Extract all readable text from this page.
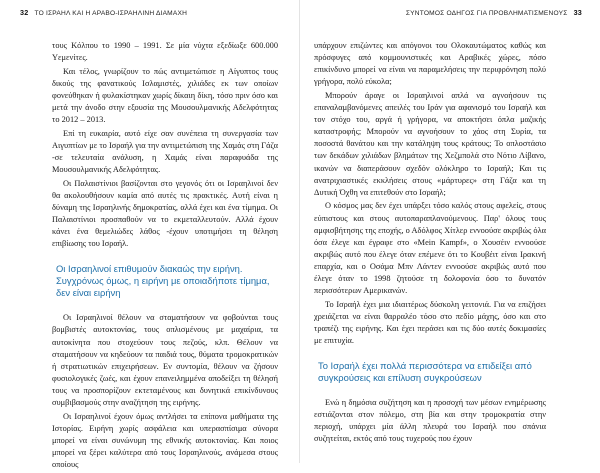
32 ΤΟ ΙΣΡΑΗΛ ΚΑΙ Η ΑΡΑΒΟ-ΙΣΡΑΗΛΙΝΗ ΔΙΑΜΑΧΗ

τους Κόλπου το 1990 – 1991. Σε μία νύχτα εξεδίωξε 600.000 Υεμενίτες.

Και τέλος, γνωρίζουν το πώς αντιμετώπισε η Αίγυπτος τους δικούς της φανατικούς Ισλαμιστές, χιλιάδες εκ των οποίων φονεύθηκαν ή φυλακίστηκαν χωρίς δίκαιη δίκη, τόσο πριν όσο και μετά την άνοδο στην εξουσία της Μουσουλμανικής Αδελφότητας το 2012 – 2013.

Επί τη ευκαιρία, αυτό είχε σαν συνέπεια τη συνεργασία των Αιγυπτίων με το Ισραήλ για την αντιμετώπιση της Χαμάς στη Γάζα -σε τελευταία ανάλυση, η Χαμάς είναι παραφυάδα της Μουσουλμανικής Αδελφότητας.

Οι Παλαιστίνιοι βασίζονται στο γεγονός ότι οι Ισραηλινοί δεν θα ακολουθήσουν καμία από αυτές τις πρακτικές. Αυτή είναι η δύναμη της Ισραηλινής δημοκρατίας, αλλά έχει και ένα τίμημα. Οι Παλαιστίνιοι προσπαθούν να το εκμεταλλευτούν. Αλλά έχουν κάνει ένα θεμελιώδες λάθος -έχουν υποτιμήσει τη θέληση επιβίωσης του Ισραήλ.

Οι Ισραηλινοί επιθυμούν διακαώς την ειρήνη. Συγχρόνως όμως, η ειρήνη με οποιαδήποτε τίμημα, δεν είναι ειρήνη

Οι Ισραηλινοί θέλουν να σταματήσουν να φοβούνται τους βομβιστές αυτοκτονίας, τους οπλισμένους με μαχαίρια, τα αυτοκίνητα που στοχεύουν τους πεζούς, κλπ. Θέλουν να σταματήσουν να κηδεύουν τα παιδιά τους, θύματα τρομοκρατικών ή στρατιωτικών επιχειρήσεων. Εν συντομία, θέλουν να ζήσουν φυσιολογικές ζωές, και έχουν επανειλημμένα αποδείξει τη θέλησή τους να προσπορίζουν εκτεταμένους και δυνητικά επικίνδυνους συμβιβασμούς στην αναζήτηση της ειρήνης.

Οι Ισραηλινοί έχουν όμως αντλήσει τα επίπονα μαθήματα της Ιστορίας. Ειρήνη χωρίς ασφάλεια και υπερασπίσιμα σύνορα μπορεί να είναι συνώνυμη της εθνικής αυτοκτονίας. Και ποιος μπορεί να ξέρει καλύτερα από τους Ισραηλινούς, ανάμεσα στους οποίους

ΣΥΝΤΟΜΟΣ ΟΔΗΓΟΣ ΓΙΑ ΠΡΟΒΛΗΜΑΤΙΣΜΕΝΟΥΣ 33

υπάρχουν επιζώντες και απόγονοι του Ολοκαυτώματος καθώς και πρόσφυγες από κομμουνιστικές και Αραβικές χώρες, πόσο επικίνδυνο μπορεί να είναι να παραμελήσεις την περιφρόνηση πολύ γρήγορα, πολύ εύκολα;

Μπορούν άραγε οι Ισραηλινοί απλά να αγνοήσουν τις επαναλαμβανόμενες απειλές του Ιράν για αφανισμό του Ισραήλ και τον στόχο του, αργά ή γρήγορα, να αποκτήσει όπλα μαζικής καταστροφής; Μπορούν να αγνοήσουν το χάος στη Συρία, τα ποσοστά θανάτου και την κατάληψη τους κράτους; Το οπλοστάσιο των δεκάδων χιλιάδων βλημάτων της Χεζμπολά στο Νότιο Λίβανο, ικανών να διαπεράσουν σχεδόν ολόκληρο το Ισραήλ; Και τις ανατριχιαστικές εκκλήσεις στους «μάρτυρες» στη Γάζα και τη Δυτική Όχθη να επιτεθούν στο Ισραήλ;

Ο κόσμος μας δεν έχει υπάρξει τόσο καλός στους αφελείς, στους εύπιστους και στους αυτοπαραπλανούμενους. Παρ' όλους τους αμφισβήτησης της εποχής, ο Αδόλφος Χίτλερ εννοούσε ακριβώς όλα όσα έλεγε και έγραφε στο «Mein Kampf», ο Χουσέιν εννοούσε ακριβώς αυτό που έλεγε όταν επέμενε ότι το Κουβέιτ είναι Ιρακινή επαρχία, και ο Οσάμα Μπν Λάντεν εννοούσε ακριβώς αυτό που έλεγε όταν το 1998 ζητούσε τη δολοφονία όσο το δυνατόν περισσότερων Αμερικανών.

Το Ισραήλ έχει μια ιδιαιτέρως δύσκολη γειτονιά. Για να επιζήσει χρειάζεται να είναι θαρραλέο τόσο στο πεδίο μάχης, όσο και στο τραπέζι της ειρήνης. Και έχει περάσει και τις δύο αυτές δοκιμασίες με επιτυχία.

Το Ισραήλ έχει πολλά περισσότερα να επιδείξει από συγκρούσεις και επίλυση συγκρούσεων

Ενώ η δημόσια συζήτηση και η προσοχή των μέσων ενημέρωσης εστιάζονται στον πόλεμο, στη βία και στην τρομοκρατία στην περιοχή, υπάρχει μία άλλη πλευρά του Ισραήλ που σπάνια συζητείται, εκτός από τους τυχερούς που έχουν
